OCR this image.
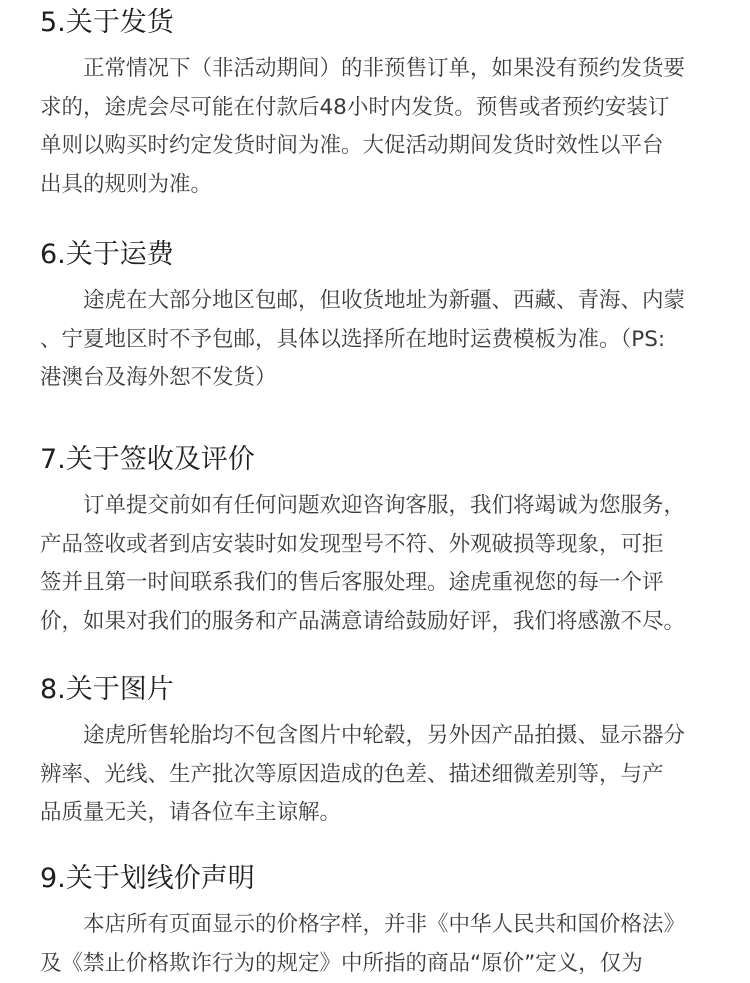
5.关于发货

正常情况下（非活动期间）的非预售订单，如果没有预约发货要
求的，途虎会尽可能在付款后48小时内发货。预售或者预约安装订
单则以购买时约定发货时间为准。大促活动期间发货时效性以平台
出具的规则为准。

6.关于运费

途虎在大部分地区包邮，但收货地址为新疆、西藏、青海、内蒙
、宁夏地区时不予包邮，具体以选择所在地时运费模板为准。（PS:
港澳台及海外恕不发货）

7.关于签收及评价

订单提交前如有任何问题欢迎咨询客服，我们将竭诚为您服务，
产品签收或者到店安装时如发现型号不符、外观破损等现象，可拒
签并且第一时间联系我们的售后客服处理。途虎重视您的每一个评
价，如果对我们的服务和产品满意请给鼓励好评，我们将感激不尽。

8.关于图片

途虎所售轮胎均不包含图片中轮毂，另外因产品拍摄、显示器分
辨率、光线、生产批次等原因造成的色差、描述细微差别等，与产
品质量无关，请各位车主谅解。

9.关于划线价声明

本店所有页面显示的价格字样，并非《中华人民共和国价格法》
及《禁止价格欺诈行为的规定》中所指的商品“原价”定义，仅为
